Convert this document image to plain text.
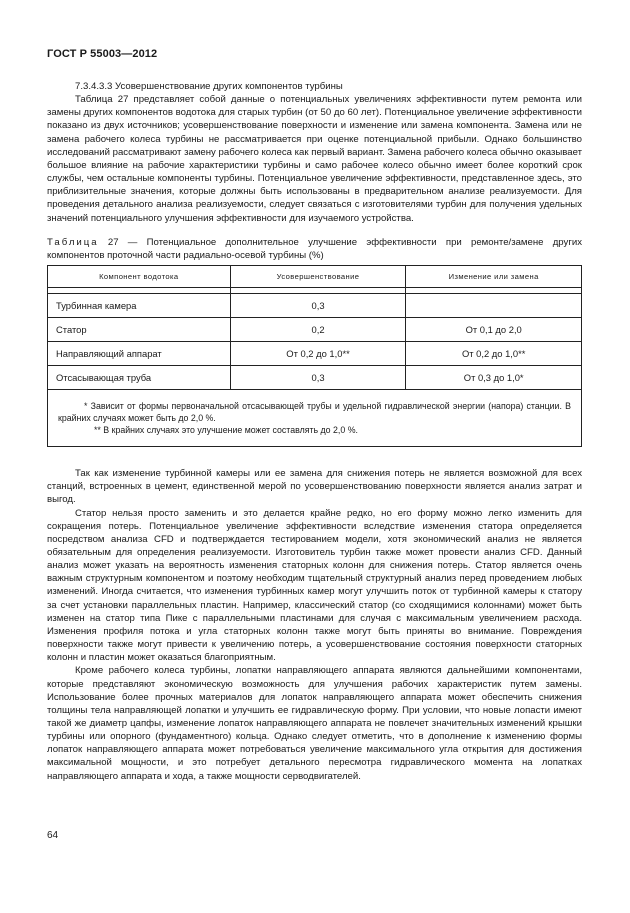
ГОСТ Р 55003—2012

7.3.4.3.3 Усовершенствование других компонентов турбины

Таблица 27 представляет собой данные о потенциальных увеличениях эффективности путем ремонта или замены других компонентов водотока для старых турбин (от 50 до 60 лет). Потенциальное увеличение эффективности показано из двух источников; усовершенствование поверхности и изменение или замена компонента. Замена или не замена рабочего колеса турбины не рассматривается при оценке потенциальной прибыли. Однако большинство исследований рассматривают замену рабочего колеса как первый вариант. Замена рабочего колеса обычно оказывает большое влияние на рабочие характеристики турбины и само рабочее колесо обычно имеет более короткий срок службы, чем остальные компоненты турбины. Потенциальное увеличение эффективности, представленное здесь, это приблизительные значения, которые должны быть использованы в предварительном анализе реализуемости. Для проведения детального анализа реализуемости, следует связаться с изготовителями турбин для получения удельных значений потенциального улучшения эффективности для изучаемого устройства.

Таблица 27 — Потенциальное дополнительное улучшение эффективности при ремонте/замене других компонентов проточной части радиально-осевой турбины (%)

Компонент водотока	Усовершенствование	Изменение или замена

Турбинная камера	0,3	
Статор	0,2	От 0,1 до 2,0
Направляющий аппарат	От 0,2 до 1,0**	От 0,2 до 1,0**
Отсасывающая труба	0,3	От 0,3 до 1,0*

* Зависит от формы первоначальной отсасывающей трубы и удельной гидравлической энергии (напора) станции. В крайних случаях может быть до 2,0 %.

** В крайних случаях это улучшение может составлять до 2,0 %.		

Так как изменение турбинной камеры или ее замена для снижения потерь не является возможной для всех станций, встроенных в цемент, единственной мерой по усовершенствованию поверхности является анализ затрат и выгод.

Статор нельзя просто заменить и это делается крайне редко, но его форму можно легко изменить для сокращения потерь. Потенциальное увеличение эффективности вследствие изменения статора определяется посредством анализа CFD и подтверждается тестированием модели, хотя экономический анализ не является обязательным для определения реализуемости. Изготовитель турбин также может провести анализ CFD. Данный анализ может указать на вероятность изменения статорных колонн для снижения потерь. Статор является очень важным структурным компонентом и поэтому необходим тщательный структурный анализ перед проведением любых изменений. Иногда считается, что изменения турбинных камер могут улучшить поток от турбинной камеры к статору за счет установки параллельных пластин. Например, классический статор (со сходящимися колоннами) может быть изменен на статор типа Пике с параллельными пластинами для случая с максимальным увеличением расхода. Изменения профиля потока и угла статорных колонн также могут быть приняты во внимание. Повреждения поверхности также могут привести к увеличению потерь, а усовершенствование состояния поверхности статорных колонн и пластин может оказаться благоприятным.

Кроме рабочего колеса турбины, лопатки направляющего аппарата являются дальнейшими компонентами, которые представляют экономическую возможность для улучшения рабочих характеристик путем замены. Использование более прочных материалов для лопаток направляющего аппарата может обеспечить снижения толщины тела направляющей лопатки и улучшить ее гидравлическую форму. При условии, что новые лопасти имеют такой же диаметр цапфы, изменение лопаток направляющего аппарата не повлечет значительных изменений крышки турбины или опорного (фундаментного) кольца. Однако следует отметить, что в дополнение к изменению формы лопаток направляющего аппарата может потребоваться увеличение максимального угла открытия для достижения максимальной мощности, и это потребует детального пересмотра гидравлического момента на лопатках направляющего аппарата и хода, а также мощности серводвигателей.

64
